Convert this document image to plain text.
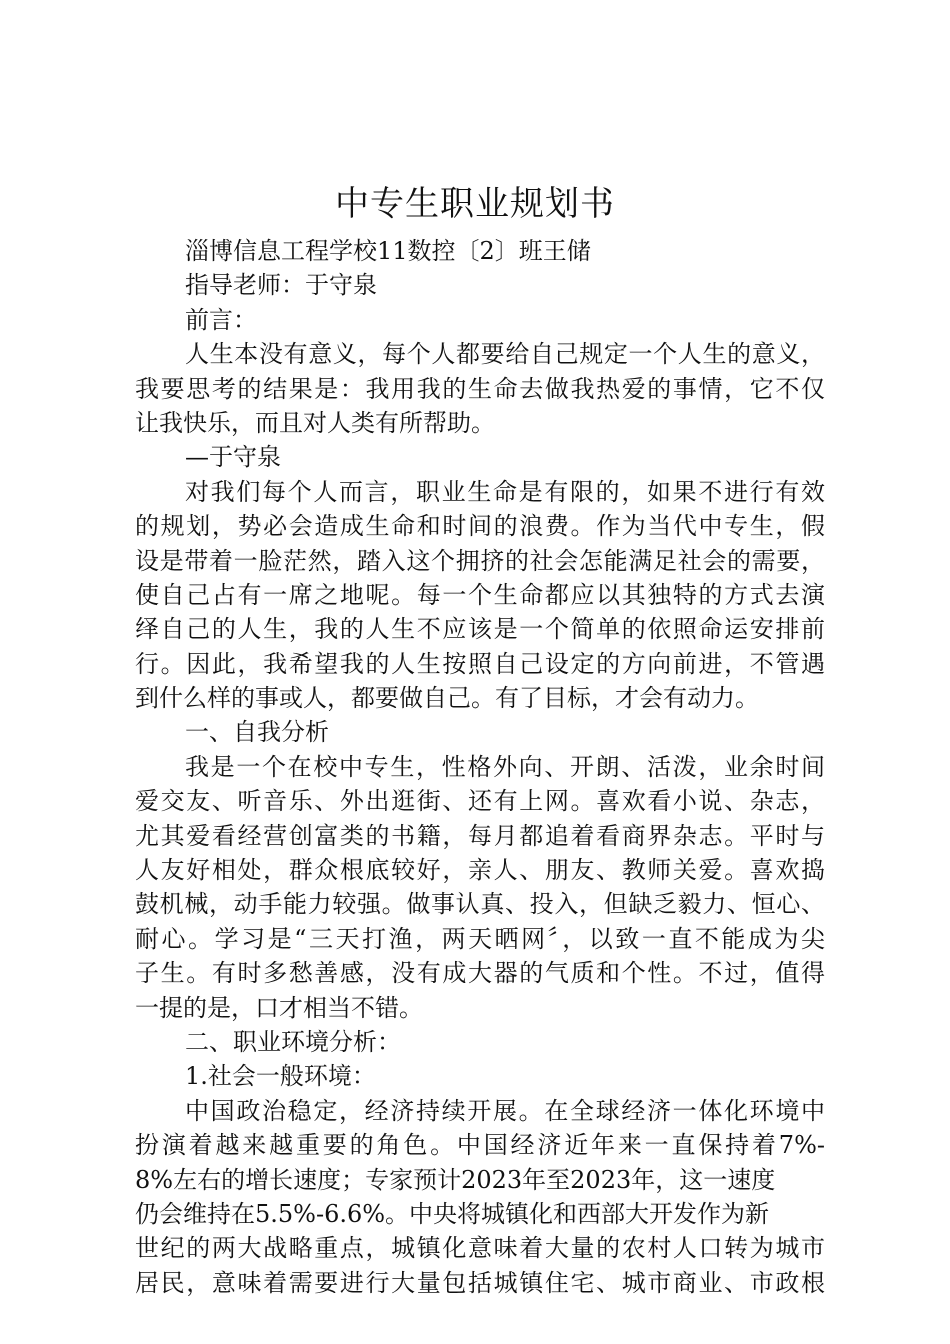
中专生职业规划书
淄博信息工程学校11数控〔2〕班王储
指导老师：于守泉
前言：
人生本没有意义，每个人都要给自己规定一个人生的意义，
我要思考的结果是：我用我的生命去做我热爱的事情，它不仅
让我快乐，而且对人类有所帮助。
—于守泉
对我们每个人而言，职业生命是有限的，如果不进行有效
的规划，势必会造成生命和时间的浪费。作为当代中专生，假
设是带着一脸茫然，踏入这个拥挤的社会怎能满足社会的需要，
使自己占有一席之地呢。每一个生命都应以其独特的方式去演
绎自己的人生，我的人生不应该是一个简单的依照命运安排前
行。因此，我希望我的人生按照自己设定的方向前进，不管遇
到什么样的事或人，都要做自己。有了目标，才会有动力。
一、自我分析
我是一个在校中专生，性格外向、开朗、活泼，业余时间
爱交友、听音乐、外出逛街、还有上网。喜欢看小说、杂志，
尤其爱看经营创富类的书籍，每月都追着看商界杂志。平时与
人友好相处，群众根底较好，亲人、朋友、教师关爱。喜欢捣
鼓机械，动手能力较强。做事认真、投入，但缺乏毅力、恒心、
耐心。学习是“三天打渔，两天晒网〞，以致一直不能成为尖
子生。有时多愁善感，没有成大器的气质和个性。不过，值得
一提的是，口才相当不错。
二、职业环境分析：
1.社会一般环境：
中国政治稳定，经济持续开展。在全球经济一体化环境中
扮演着越来越重要的角色。中国经济近年来一直保持着7%-
8%左右的增长速度；专家预计2023年至2023年，这一速度
仍会维持在5.5%-6.6%。中央将城镇化和西部大开发作为新
世纪的两大战略重点，城镇化意味着大量的农村人口转为城市
居民，意味着需要进行大量包括城镇住宅、城市商业、市政根
